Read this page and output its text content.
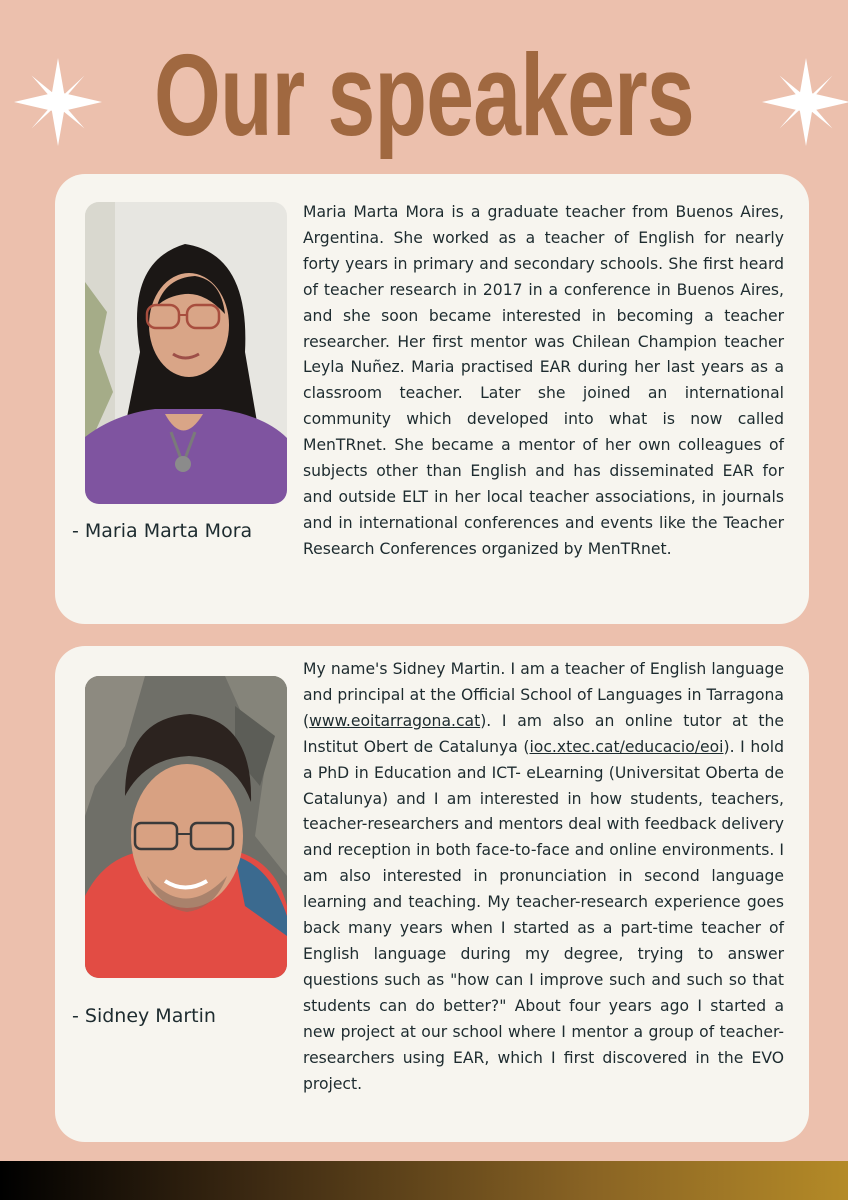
Our speakers

- Maria Marta Mora

Maria Marta Mora is a graduate teacher from Buenos Aires, Argentina. She worked as a teacher of English for nearly forty years in primary and secondary schools. She first heard of teacher research in 2017 in a conference in Buenos Aires, and she soon became interested in becoming a teacher researcher. Her first mentor was Chilean Champion teacher Leyla Nuñez. Maria practised EAR during her last years as a classroom teacher. Later she joined an international community which developed into what is now called MenTRnet. She became a mentor of her own colleagues of subjects other than English and has disseminated EAR for and outside ELT in her local teacher associations, in journals and in international conferences and events like the Teacher Research Conferences organized by MenTRnet.

- Sidney Martin

My name's Sidney Martin. I am a teacher of English language and principal at the Official School of Languages in Tarragona (www.eoitarragona.cat). I am also an online tutor at the Institut Obert de Catalunya (ioc.xtec.cat/educacio/eoi). I hold a PhD in Education and ICT- eLearning (Universitat Oberta de Catalunya) and I am interested in how students, teachers, teacher-researchers and mentors deal with feedback delivery and reception in both face-to-face and online environments. I am also interested in pronunciation in second language learning and teaching. My teacher-research experience goes back many years when I started as a part-time teacher of English language during my degree, trying to answer questions such as "how can I improve such and such so that students can do better?" About four years ago I started a new project at our school where I mentor a group of teacher-researchers using EAR, which I first discovered in the EVO project.
